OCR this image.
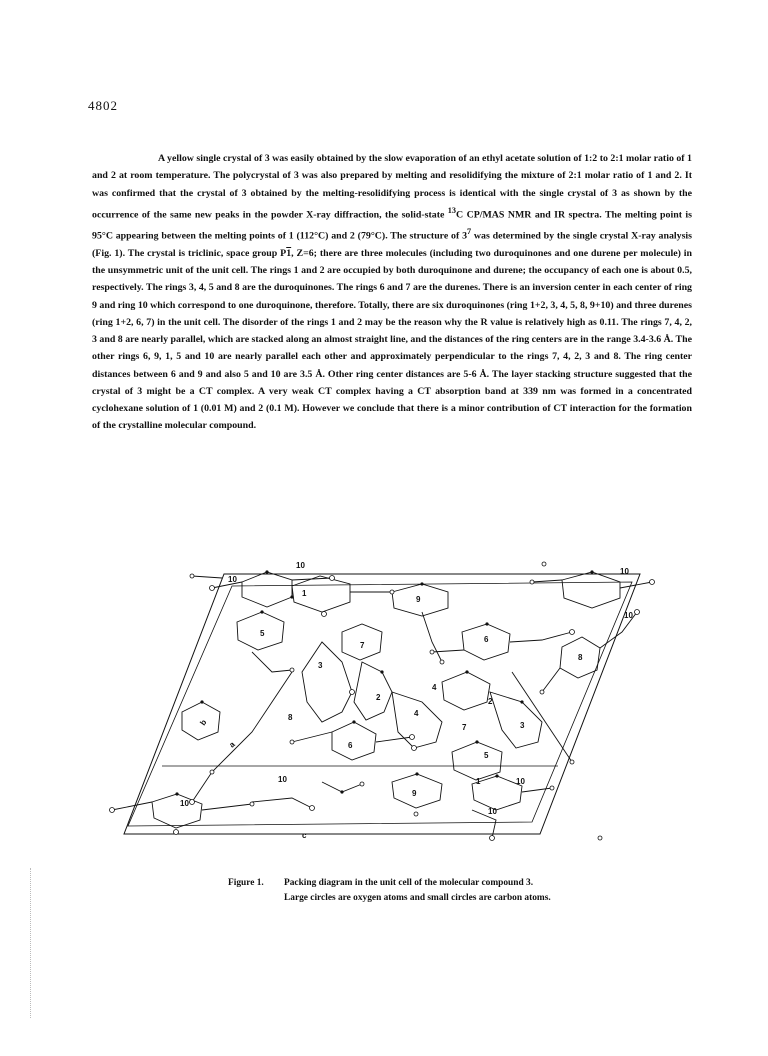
4802

A yellow single crystal of 3 was easily obtained by the slow evaporation of an ethyl acetate solution of 1:2 to 2:1 molar ratio of 1 and 2 at room temperature. The polycrystal of 3 was also prepared by melting and resolidifying the mixture of 2:1 molar ratio of 1 and 2. It was confirmed that the crystal of 3 obtained by the melting-resolidifying process is identical with the single crystal of 3 as shown by the occurrence of the same new peaks in the powder X-ray diffraction, the solid-state $^{13}$C CP/MAS NMR and IR spectra. The melting point is 95°C appearing between the melting points of 1 (112°C) and 2 (79°C). The structure of $3^7$ was determined by the single crystal X-ray analysis (Fig. 1). The crystal is triclinic, space group P1, Z=6; there are three molecules (including two duroquinones and one durene per molecule) in the unsymmetric unit of the unit cell. The rings 1 and 2 are occupied by both duroquinone and durene; the occupancy of each one is about 0.5, respectively. The rings 3, 4, 5 and 8 are the duroquinones. The rings 6 and 7 are the durenes. There is an inversion center in each center of ring 9 and ring 10 which correspond to one duroquinone, therefore. Totally, there are six duroquinones (ring 1+2, 3, 4, 5, 8, 9+10) and three durenes (ring 1+2, 6, 7) in the unit cell. The disorder of the rings 1 and 2 may be the reason why the R value is relatively high as 0.11. The rings 7, 4, 2, 3 and 8 are nearly parallel, which are stacked along an almost straight line, and the distances of the ring centers are in the range 3.4-3.6 Å. The other rings 6, 9, 1, 5 and 10 are nearly parallel each other and approximately perpendicular to the rings 7, 4, 2, 3 and 8. The ring center distances between 6 and 9 and also 5 and 10 are 3.5 Å. Other ring center distances are 5-6 Å. The layer stacking structure suggested that the crystal of 3 might be a CT complex. A very weak CT complex having a CT absorption band at 339 nm was formed in a concentrated cyclohexane solution of 1 (0.01 M) and 2 (0.1 M). However we conclude that there is a minor contribution of CT interaction for the formation of the crystalline molecular compound.

10
10
10
10
1
9
5
7
6
8
3
2
4
2
4
7	3
8
6
5
1
9
10
10	10
10
b
a
c
Figure 1. Packing diagram in the unit cell of the molecular compound 3.
Large circles are oxygen atoms and small circles are carbon atoms.
